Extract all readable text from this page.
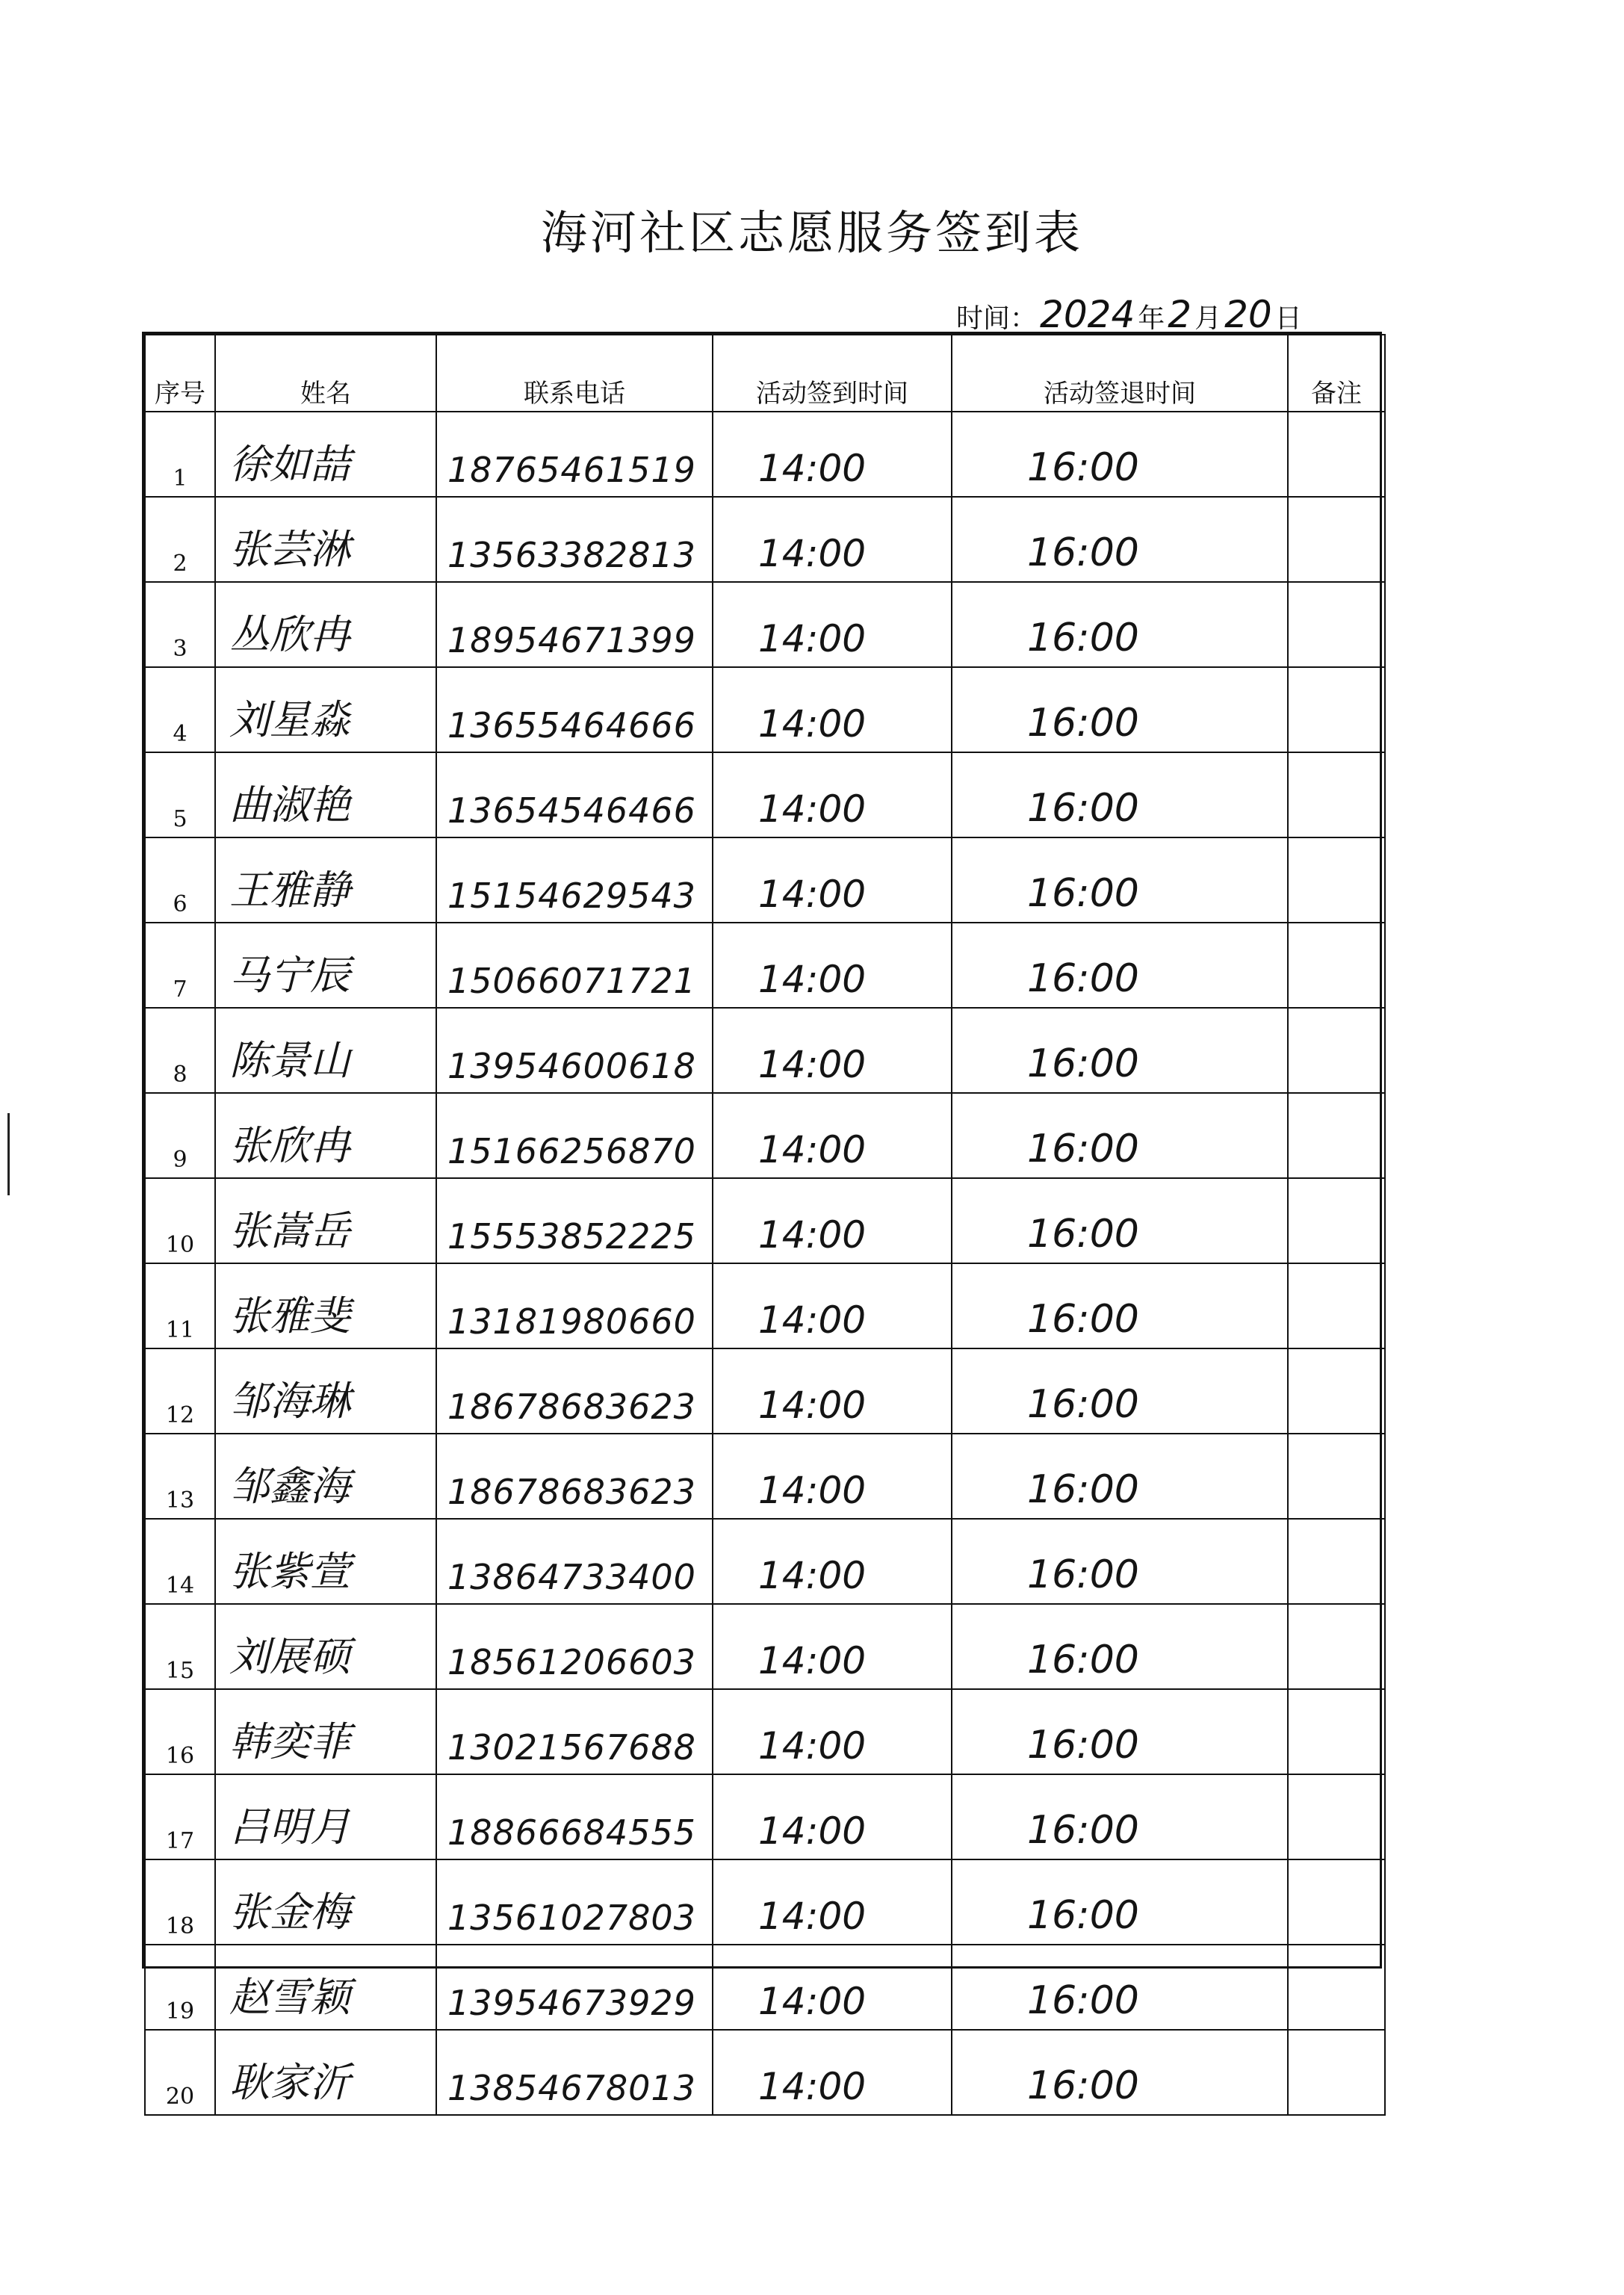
海河社区志愿服务签到表
时间： 2024 年 2 月 20 日
序号	姓名	联系电话	活动签到时间	活动签退时间	备注
1	徐如喆	18765461519	14:00	16:00	
2	张芸淋	13563382813	14:00	16:00	
3	丛欣冉	18954671399	14:00	16:00	
4	刘星淼	13655464666	14:00	16:00	
5	曲淑艳	13654546466	14:00	16:00	
6	王雅静	15154629543	14:00	16:00	
7	马宁辰	15066071721	14:00	16:00	
8	陈景山	13954600618	14:00	16:00	
9	张欣冉	15166256870	14:00	16:00	
10	张嵩岳	15553852225	14:00	16:00	
11	张雅斐	13181980660	14:00	16:00	
12	邹海琳	18678683623	14:00	16:00	
13	邹鑫海	18678683623	14:00	16:00	
14	张紫萱	13864733400	14:00	16:00	
15	刘展硕	18561206603	14:00	16:00	
16	韩奕菲	13021567688	14:00	16:00	
17	吕明月	18866684555	14:00	16:00	
18	张金梅	13561027803	14:00	16:00	
19	赵雪颖	13954673929	14:00	16:00	
20	耿家沂	13854678013	14:00	16:00	
